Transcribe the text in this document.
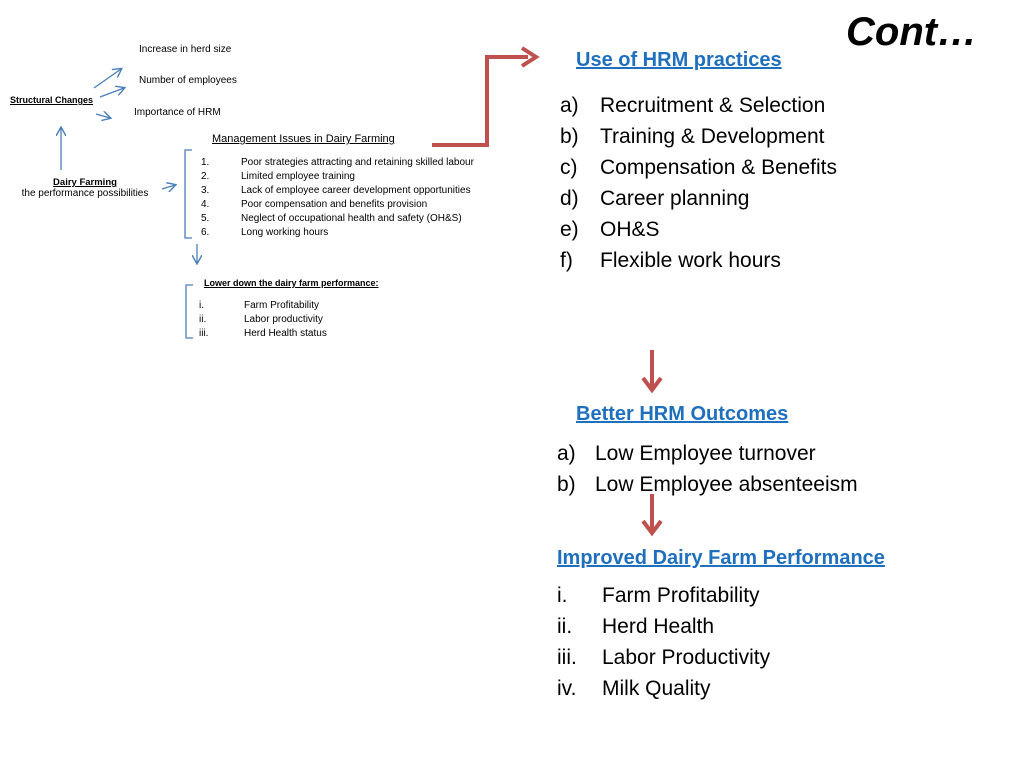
Cont…
Increase in herd size
Number of employees
Importance of HRM
Structural Changes
Dairy Farming
the performance possibilities
Management Issues in Dairy Farming
1.	Poor strategies attracting and retaining skilled labour
2.	Limited employee training
3.	Lack of employee career development opportunities
4.	Poor compensation and benefits provision
5.	Neglect of occupational health and safety (OH&S)
6.	Long working hours
Lower down the dairy farm performance:
i.	Farm Profitability
ii.	Labor productivity
iii.	Herd Health status
Use of HRM practices
a)	Recruitment & Selection
b)	Training & Development
c)	Compensation & Benefits
d)	Career planning
e)	OH&S
f)	Flexible work hours
Better HRM Outcomes
a) Low Employee turnover
b) Low Employee absenteeism
Improved Dairy Farm Performance
i.	Farm Profitability
ii.	Herd Health
iii.	Labor Productivity
iv.	Milk Quality
